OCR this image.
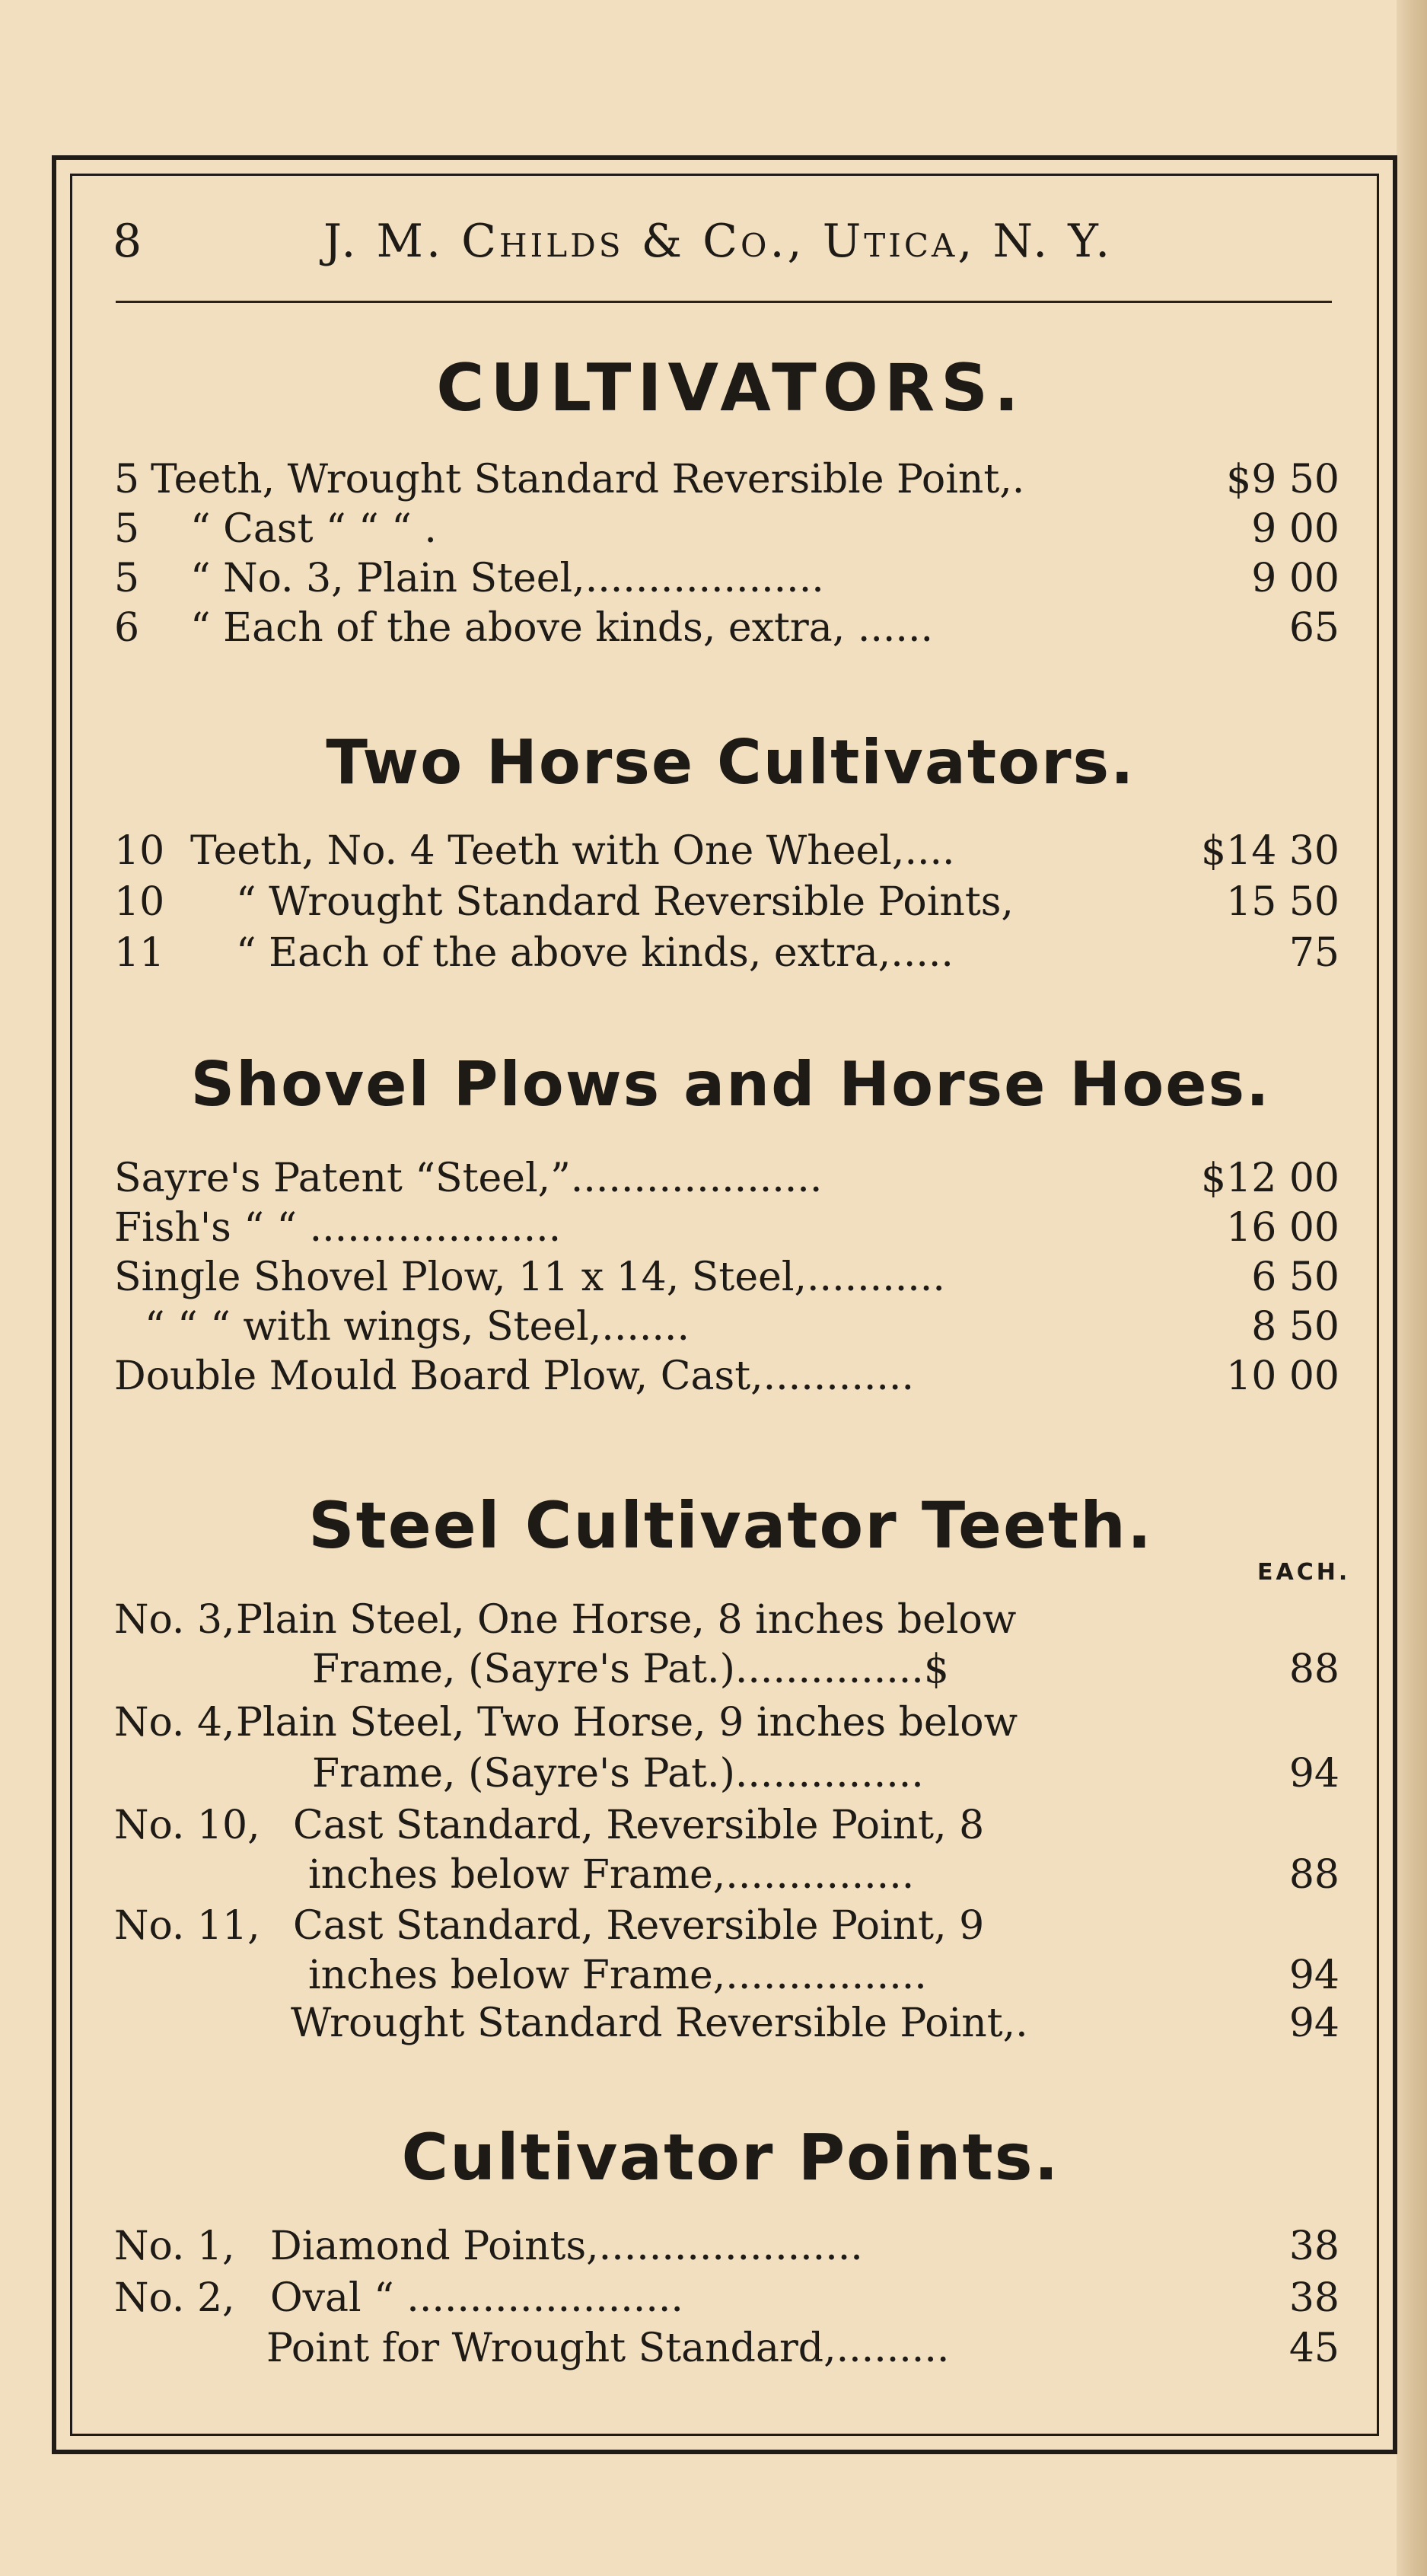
8	J. M. Childs & Co., Utica, N. Y.
CULTIVATORS.
5 Teeth, Wrought Standard Reversible Point,.	$9 50
5 “ Cast “ “ “ .	9 00
5 “ No. 3, Plain Steel,...................	9 00
6 “ Each of the above kinds, extra, ......	65
Two Horse Cultivators.
10 Teeth, No. 4 Teeth with One Wheel,....	$14 30
10 “ Wrought Standard Reversible Points,	15 50
11 “ Each of the above kinds, extra,.....	75
Shovel Plows and Horse Hoes.
Sayre's Patent “Steel,”....................	$12 00
Fish's “ “ ....................	16 00
Single Shovel Plow, 11 x 14, Steel,...........	6 50
“ “ “ with wings, Steel,.......	8 50
Double Mould Board Plow, Cast,............	10 00
Steel Cultivator Teeth.
EACH.
No. 3, Plain Steel, One Horse, 8 inches below
Frame, (Sayre's Pat.)...............$	88
No. 4, Plain Steel, Two Horse, 9 inches below
Frame, (Sayre's Pat.)...............	94
No. 10, Cast Standard, Reversible Point, 8
inches below Frame,...............	88
No. 11, Cast Standard, Reversible Point, 9
inches below Frame,................	94
Wrought Standard Reversible Point,.	94
Cultivator Points.
No. 1, Diamond Points,.....................	38
No. 2, Oval “ ......................	38
Point for Wrought Standard,.........	45
